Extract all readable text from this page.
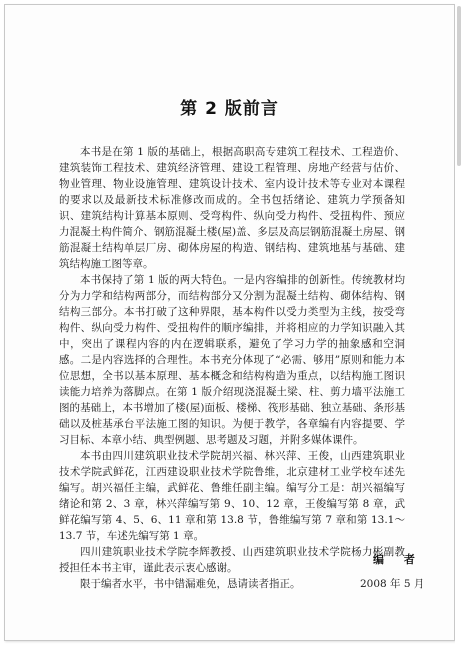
第 2 版前言

本书是在第 1 版的基础上，根据高职高专建筑工程技术、工程造价、建筑装饰工程技术、建筑经济管理、建设工程管理、房地产经营与估价、物业管理、物业设施管理、建筑设计技术、室内设计技术等专业对本课程的要求以及最新技术标准修改而成的。全书包括绪论、建筑力学预备知识、建筑结构计算基本原则、受弯构件、纵向受力构件、受扭构件、预应力混凝土构件简介、钢筋混凝土楼(屋)盖、多层及高层钢筋混凝土房屋、钢筋混凝土结构单层厂房、砌体房屋的构造、钢结构、建筑地基与基础、建筑结构施工图等章。

本书保持了第 1 版的两大特色。一是内容编排的创新性。传统教材均分为力学和结构两部分，而结构部分又分割为混凝土结构、砌体结构、钢结构三部分。本书打破了这种界限，基本构件以受力类型为主线，按受弯构件、纵向受力构件、受扭构件的顺序编排，并将相应的力学知识融入其中，突出了课程内容的内在逻辑联系，避免了学习力学的抽象感和空洞感。二是内容选择的合理性。本书充分体现了“必需、够用”原则和能力本位思想，全书以基本原理、基本概念和结构构造为重点，以结构施工图识读能力培养为落脚点。在第 1 版介绍现浇混凝土梁、柱、剪力墙平法施工图的基础上，本书增加了楼(屋)面板、楼梯、筏形基础、独立基础、条形基础以及桩基承台平法施工图的知识。为便于教学，各章编有内容提要、学习目标、本章小结、典型例题、思考题及习题，并附多媒体课件。

本书由四川建筑职业技术学院胡兴福、林兴萍、王俊，山西建筑职业技术学院武鲜花，江西建设职业技术学院鲁维，北京建材工业学校车述先编写。胡兴福任主编，武鲜花、鲁维任副主编。编写分工是：胡兴福编写绪论和第 2、3 章，林兴萍编写第 9、10、12 章，王俊编写第 8 章，武鲜花编写第 4、5、6、11 章和第 13.8 节，鲁维编写第 7 章和第 13.1～13.7 节，车述先编写第 1 章。

四川建筑职业技术学院李辉教授、山西建筑职业技术学院杨力彬副教授担任本书主审，谨此表示衷心感谢。

限于编者水平，书中错漏难免，恳请读者指正。

编 者
2008 年 5 月
